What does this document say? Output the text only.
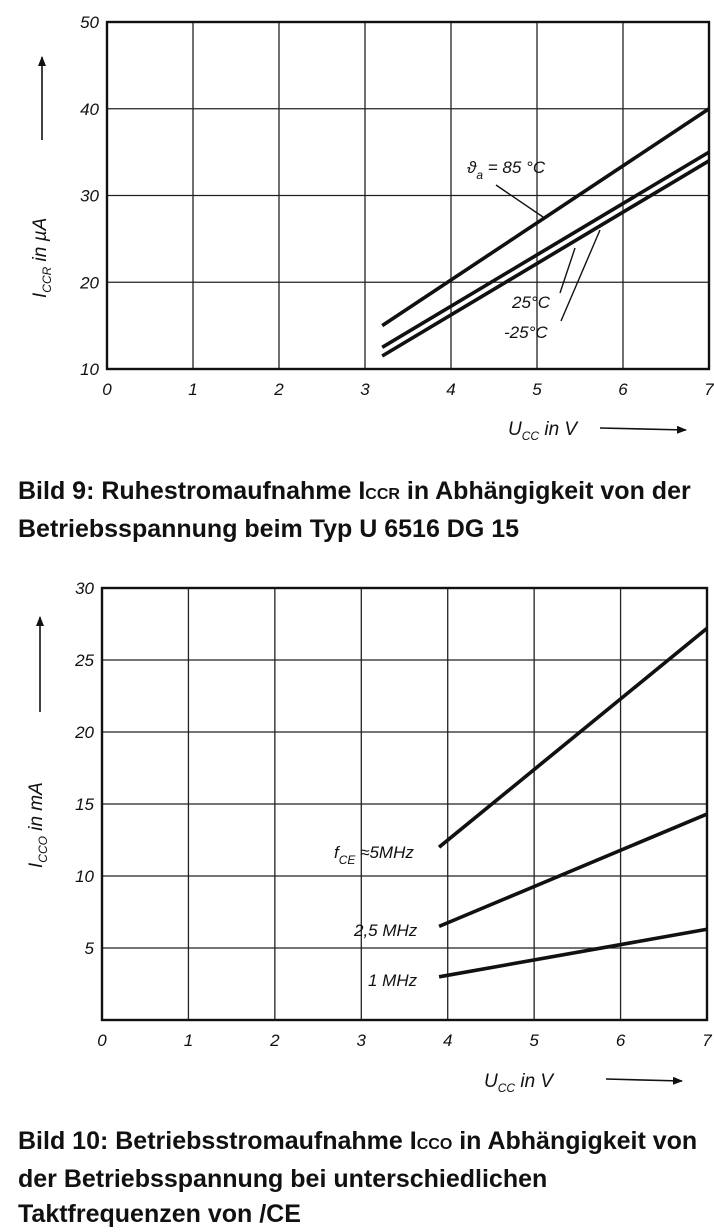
0	1	2	3	4	5	6	7
10
20
30
40
50
$I_{CCR}$ in µA
$U_{CC}$ in V
$ϑ_a = 85$ °C
25°C
-25°C
0	1	2	3	4	5	6	7
5
10
15
20
25
30
$I_{CCO}$ in mA
$U_{CC}$ in V
$f_{CE} \approx 5MHz$
2,5 MHz
1 MHz

Bild 9: Ruhestromaufnahme ICCR in Abhängigkeit von der Betriebsspannung beim Typ U 6516 DG 15

Bild 10: Betriebsstromaufnahme ICCO in Abhängigkeit von der Betriebsspannung bei unterschiedlichen Taktfrequenzen von /CE
